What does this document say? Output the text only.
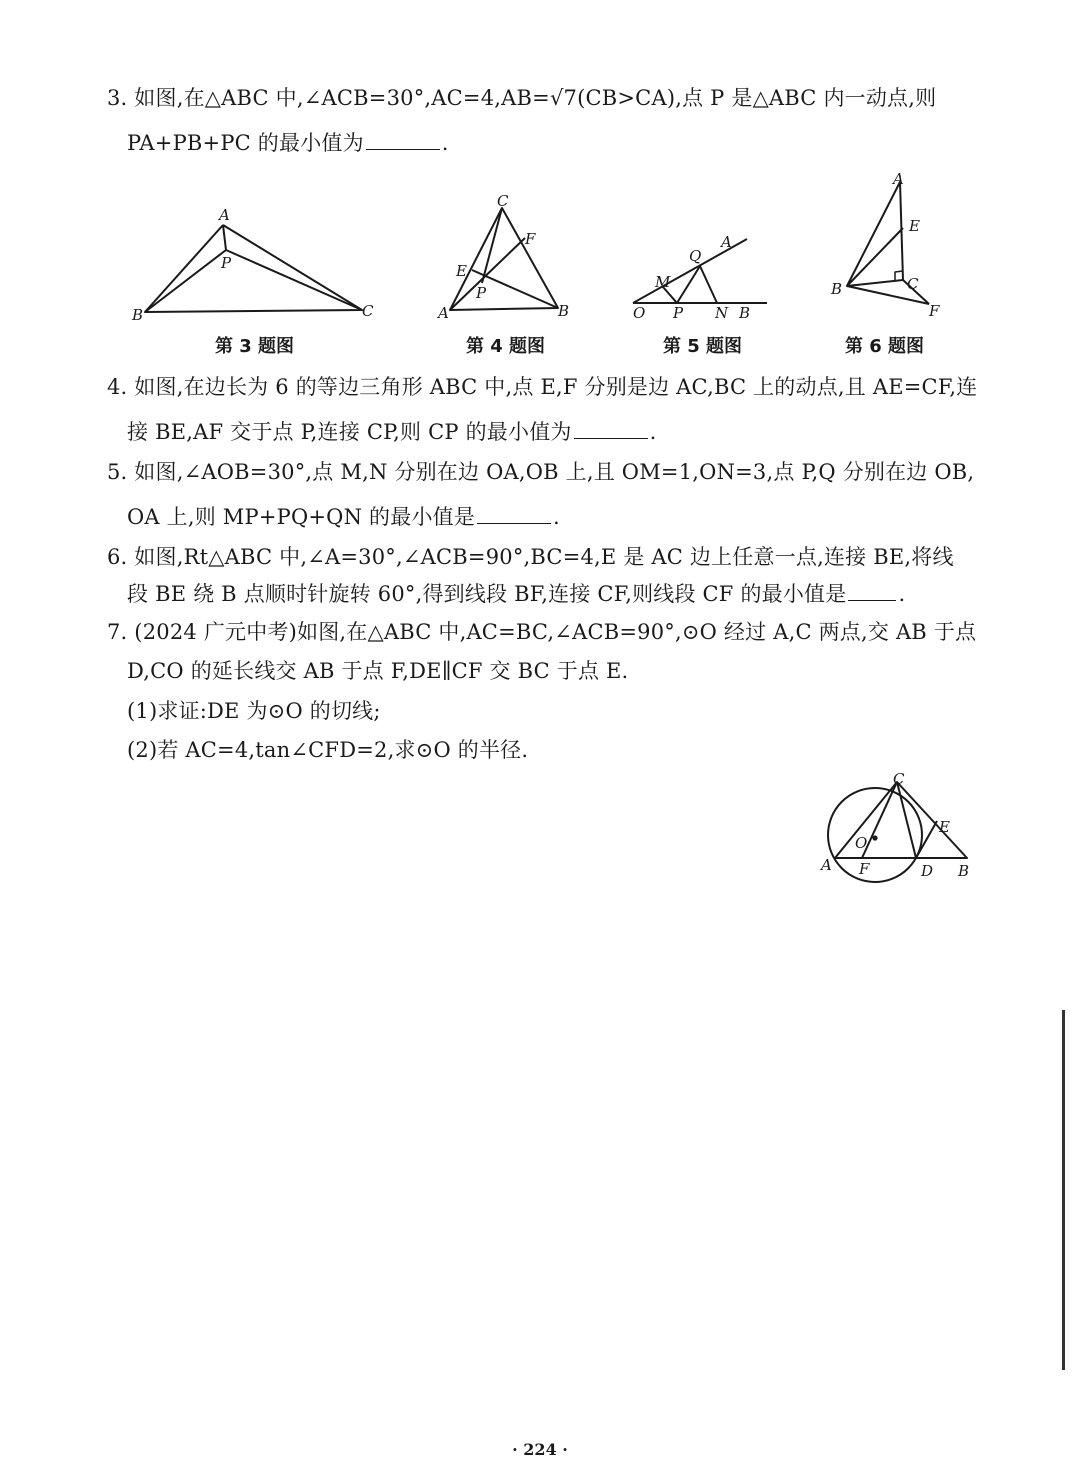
3. 如图,在△ABC 中,∠ACB=30°,AC=4,AB=√7(CB>CA),点 P 是△ABC 内一动点,则
PA+PB+PC 的最小值为	.
A
B	C
P
第 3 题图
C
F
E
P
A	B
第 4 题图
O
M
Q
A
P N B
第 5 题图
A
E
B	C
F
第 6 题图
4. 如图,在边长为 6 的等边三角形 ABC 中,点 E,F 分别是边 AC,BC 上的动点,且 AE=CF,连
接 BE,AF 交于点 P,连接 CP,则 CP 的最小值为	.
5. 如图,∠AOB=30°,点 M,N 分别在边 OA,OB 上,且 OM=1,ON=3,点 P,Q 分别在边 OB,
OA 上,则 MP+PQ+QN 的最小值是	.
6. 如图,Rt△ABC 中,∠A=30°,∠ACB=90°,BC=4,E 是 AC 边上任意一点,连接 BE,将线
段 BE 绕 B 点顺时针旋转 60°,得到线段 BF,连接 CF,则线段 CF 的最小值是 .
7. (2024 广元中考)如图,在△ABC 中,AC=BC,∠ACB=90°,⊙O 经过 A,C 两点,交 AB 于点
D,CO 的延长线交 AB 于点 F,DE∥CF 交 BC 于点 E.
(1)求证:DE 为⊙O 的切线;
(2)若 AC=4,tan∠CFD=2,求⊙O 的半径.
C
E
O
A F	D B
· 224 ·
